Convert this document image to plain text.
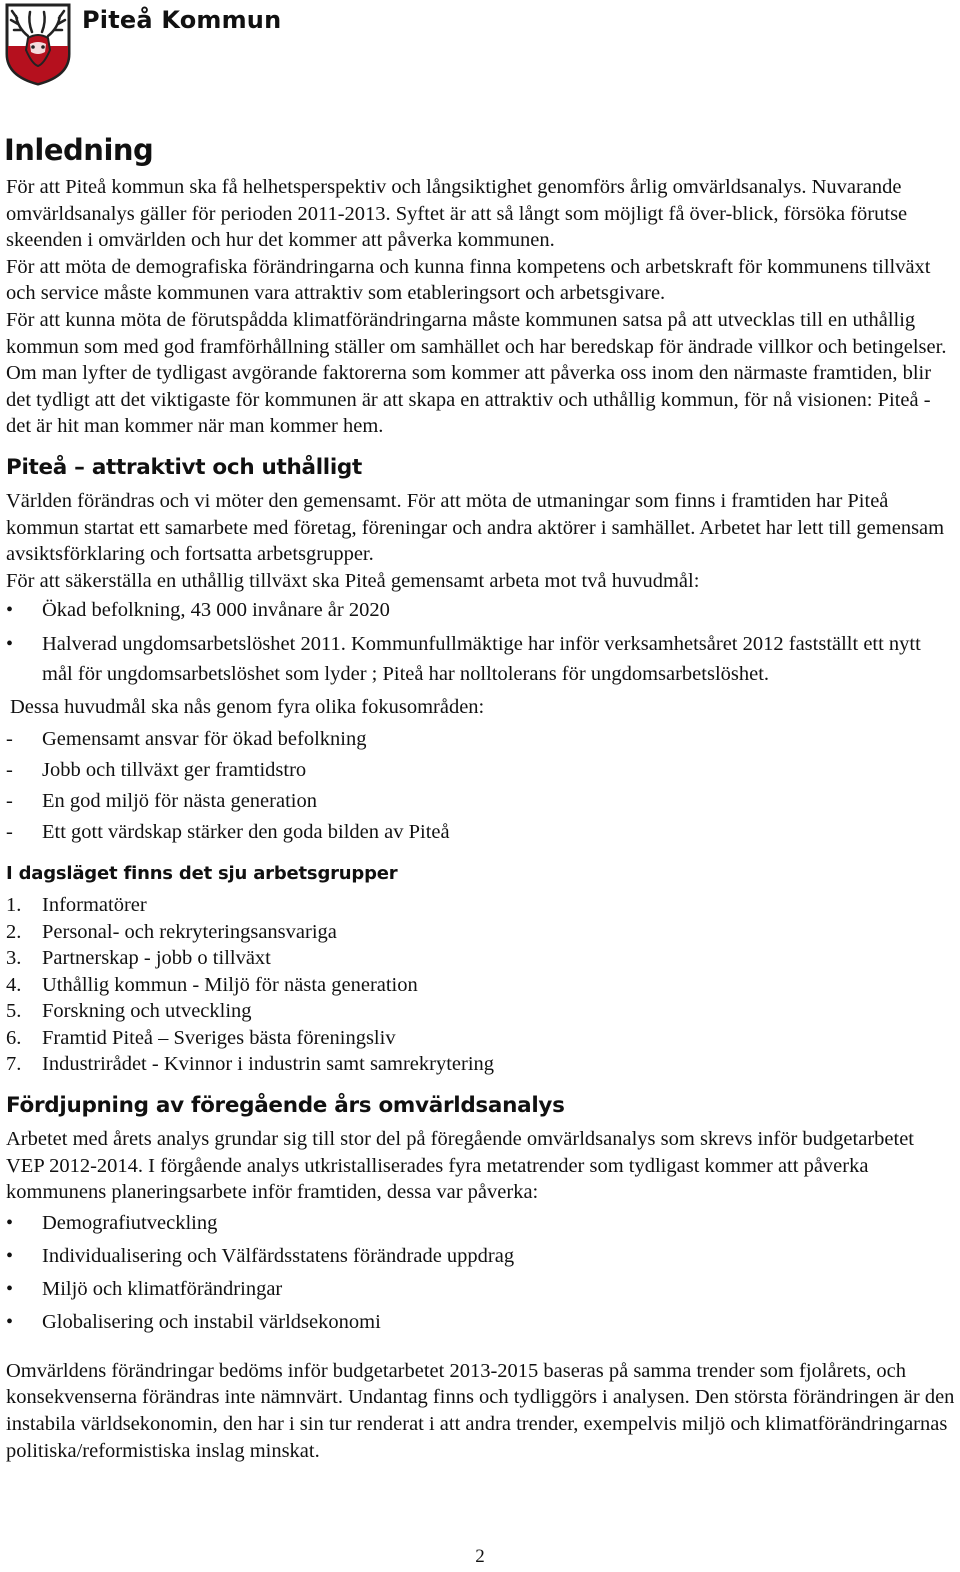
Piteå Kommun
Inledning

För att Piteå kommun ska få helhetsperspektiv och långsiktighet genomförs årlig omvärldsanalys. Nuvarande omvärldsanalys gäller för perioden 2011-2013. Syftet är att så långt som möjligt få över-blick, försöka förutse skeenden i omvärlden och hur det kommer att påverka kommunen.

För att möta de demografiska förändringarna och kunna finna kompetens och arbetskraft för kommunens tillväxt och service måste kommunen vara attraktiv som etableringsort och arbetsgivare.

För att kunna möta de förutspådda klimatförändringarna måste kommunen satsa på att utvecklas till en uthållig kommun som med god framförhållning ställer om samhället och har beredskap för ändrade villkor och betingelser. Om man lyfter de tydligast avgörande faktorerna som kommer att påverka oss inom den närmaste framtiden, blir det tydligt att det viktigaste för kommunen är att skapa en attraktiv och uthållig kommun, för nå visionen: Piteå - det är hit man kommer när man kommer hem.

Piteå – attraktivt och uthålligt

Världen förändras och vi möter den gemensamt. För att möta de utmaningar som finns i framtiden har Piteå kommun startat ett samarbete med företag, föreningar och andra aktörer i samhället. Arbetet har lett till gemensam avsiktsförklaring och fortsatta arbetsgrupper.

För att säkerställa en uthållig tillväxt ska Piteå gemensamt arbeta mot två huvudmål:

• Ökad befolkning, 43 000 invånare år 2020
• Halverad ungdomsarbetslöshet 2011. Kommunfullmäktige har inför verksamhetsåret 2012 fastställt ett nytt mål för ungdomsarbetslöshet som lyder ; Piteå har nolltolerans för ungdomsarbetslöshet.

Dessa huvudmål ska nås genom fyra olika fokusområden:

- Gemensamt ansvar för ökad befolkning
- Jobb och tillväxt ger framtidstro
- En god miljö för nästa generation
- Ett gott värdskap stärker den goda bilden av Piteå
I dagsläget finns det sju arbetsgrupper
1. Informatörer
2. Personal- och rekryteringsansvariga
3. Partnerskap - jobb o tillväxt
4. Uthållig kommun - Miljö för nästa generation
5. Forskning och utveckling
6. Framtid Piteå – Sveriges bästa föreningsliv
7. Industrirådet - Kvinnor i industrin samt samrekrytering
Fördjupning av föregående års omvärldsanalys

Arbetet med årets analys grundar sig till stor del på föregående omvärldsanalys som skrevs inför budgetarbetet VEP 2012-2014. I förgående analys utkristalliserades fyra metatrender som tydligast kommer att påverka kommunens planeringsarbete inför framtiden, dessa var påverka:

• Demografiutveckling
• Individualisering och Välfärdsstatens förändrade uppdrag
• Miljö och klimatförändringar
• Globalisering och instabil världsekonomi

Omvärldens förändringar bedöms inför budgetarbetet 2013-2015 baseras på samma trender som fjolårets, och konsekvenserna förändras inte nämnvärt. Undantag finns och tydliggörs i analysen. Den största förändringen är den instabila världsekonomin, den har i sin tur renderat i att andra trender, exempelvis miljö och klimatförändringarnas politiska/reformistiska inslag minskat.

2
